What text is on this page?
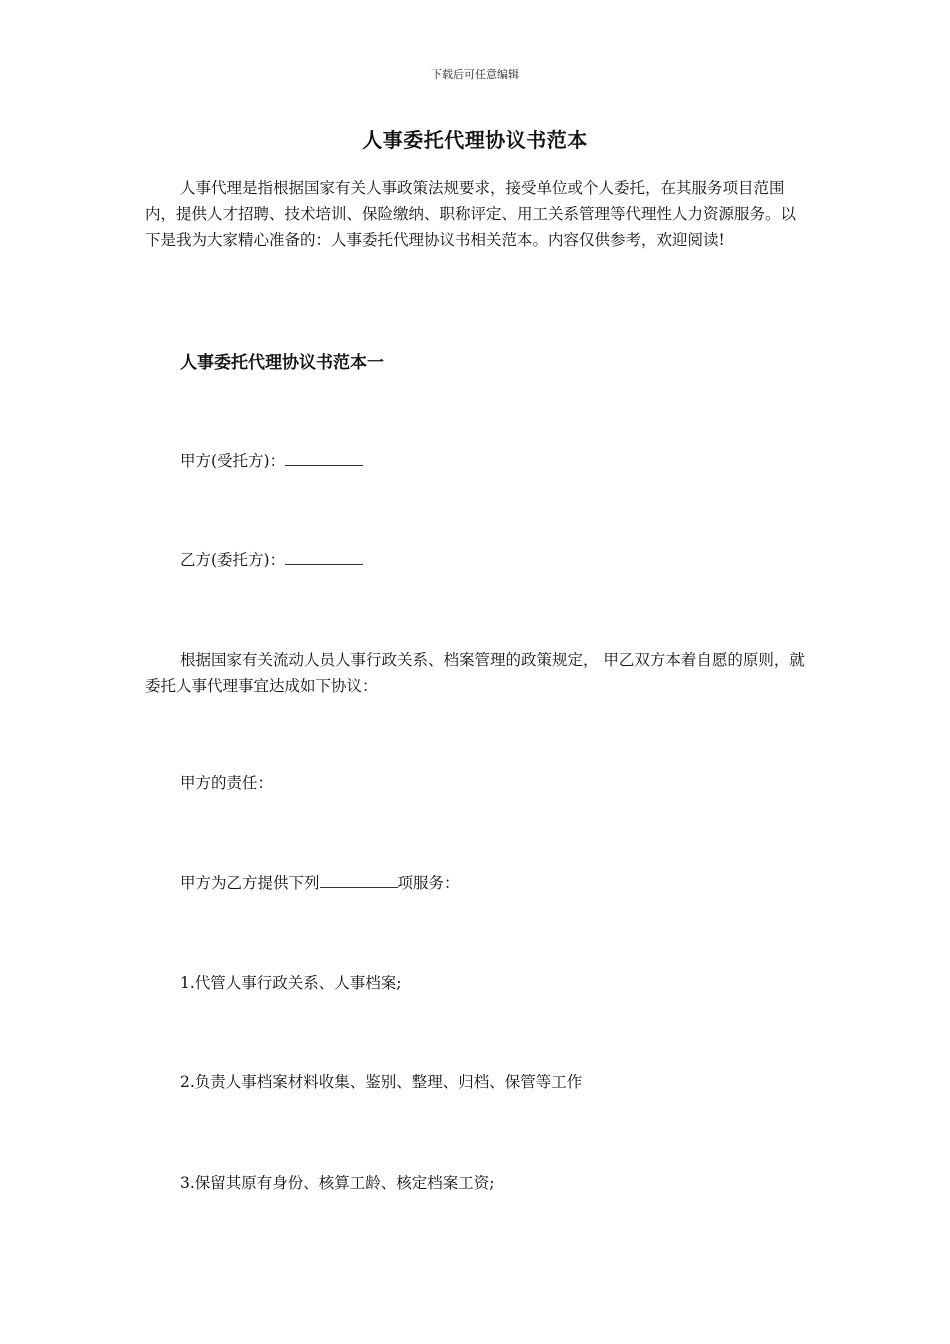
下载后可任意编辑
人事委托代理协议书范本
人事代理是指根据国家有关人事政策法规要求，接受单位或个人委托，在其服务项目范围内，提供人才招聘、技术培训、保险缴纳、职称评定、用工关系管理等代理性人力资源服务。以下是我为大家精心准备的：人事委托代理协议书相关范本。内容仅供参考，欢迎阅读!
人事委托代理协议书范本一
甲方(受托方)：
乙方(委托方)：
根据国家有关流动人员人事行政关系、档案管理的政策规定， 甲乙双方本着自愿的原则，就委托人事代理事宜达成如下协议：
甲方的责任：
甲方为乙方提供下列	项服务：
1.代管人事行政关系、人事档案;
2.负责人事档案材料收集、鉴别、整理、归档、保管等工作
3.保留其原有身份、核算工龄、核定档案工资;
